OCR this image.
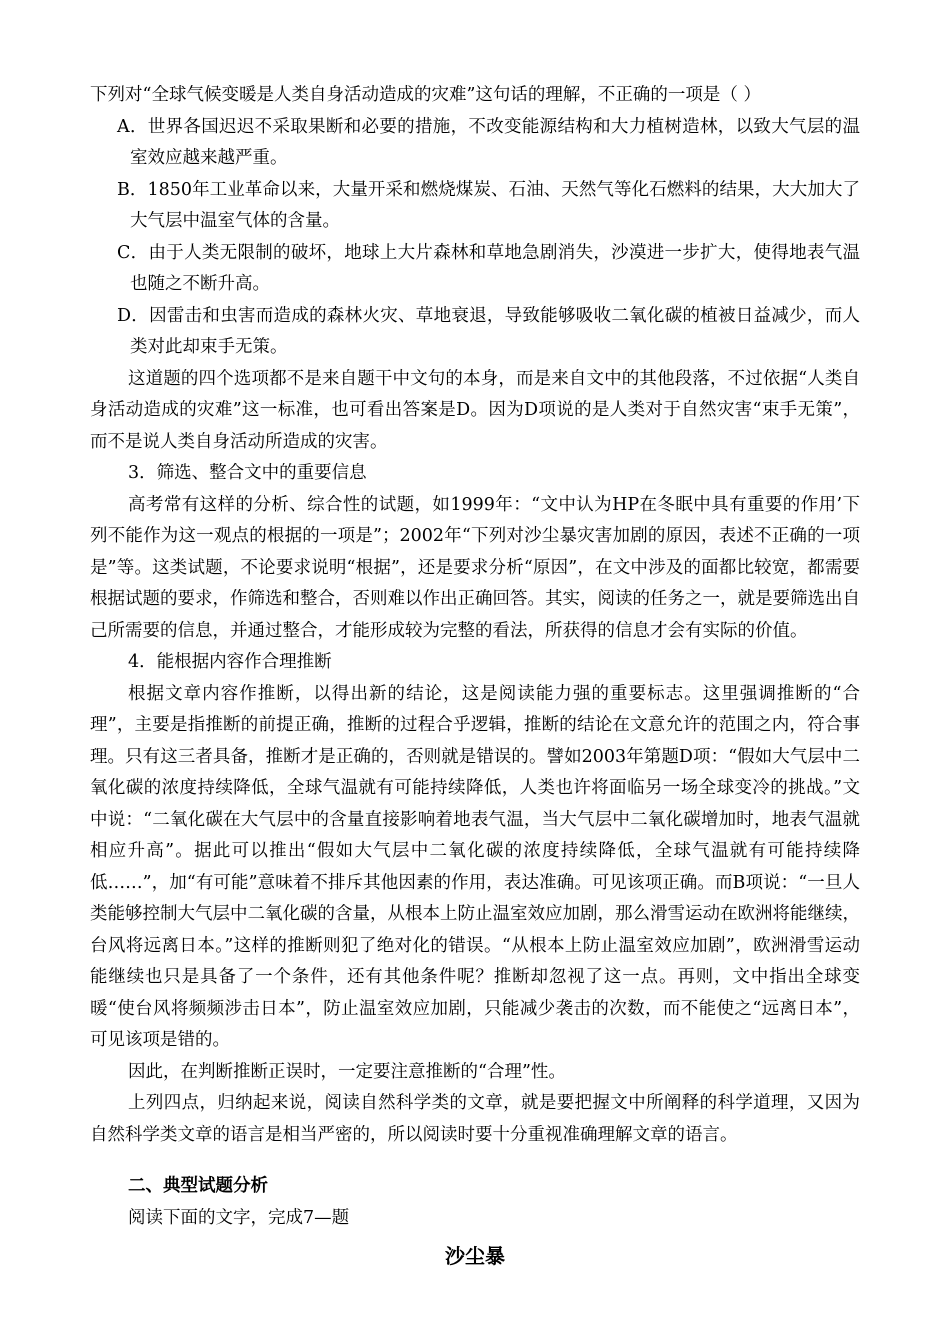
下列对“全球气候变暖是人类自身活动造成的灾难”这句话的理解，不正确的一项是（ ）

A．世界各国迟迟不采取果断和必要的措施，不改变能源结构和大力植树造林，以致大气层的温室效应越来越严重。

B．1850年工业革命以来，大量开采和燃烧煤炭、石油、天然气等化石燃料的结果，大大加大了大气层中温室气体的含量。

C．由于人类无限制的破坏，地球上大片森林和草地急剧消失，沙漠进一步扩大，使得地表气温也随之不断升高。

D．因雷击和虫害而造成的森林火灾、草地衰退，导致能够吸收二氧化碳的植被日益减少，而人类对此却束手无策。

这道题的四个选项都不是来自题干中文句的本身，而是来自文中的其他段落，不过依据“人类自身活动造成的灾难”这一标准，也可看出答案是D。因为D项说的是人类对于自然灾害“束手无策”，而不是说人类自身活动所造成的灾害。

3．筛选、整合文中的重要信息

高考常有这样的分析、综合性的试题，如1999年：“文中认为HP在冬眠中具有重要的作用’下列不能作为这一观点的根据的一项是”；2002年“下列对沙尘暴灾害加剧的原因，表述不正确的一项是”等。这类试题，不论要求说明“根据”，还是要求分析“原因”，在文中涉及的面都比较宽，都需要根据试题的要求，作筛选和整合，否则难以作出正确回答。其实，阅读的任务之一，就是要筛选出自己所需要的信息，并通过整合，才能形成较为完整的看法，所获得的信息才会有实际的价值。

4．能根据内容作合理推断

根据文章内容作推断，以得出新的结论，这是阅读能力强的重要标志。这里强调推断的“合理”，主要是指推断的前提正确，推断的过程合乎逻辑，推断的结论在文意允许的范围之内，符合事理。只有这三者具备，推断才是正确的，否则就是错误的。譬如2003年第题D项：“假如大气层中二氧化碳的浓度持续降低，全球气温就有可能持续降低，人类也许将面临另一场全球变冷的挑战。”文中说：“二氧化碳在大气层中的含量直接影响着地表气温，当大气层中二氧化碳增加时，地表气温就相应升高”。据此可以推出“假如大气层中二氧化碳的浓度持续降低，全球气温就有可能持续降低……”，加“有可能”意味着不排斥其他因素的作用，表达准确。可见该项正确。而B项说：“一旦人类能够控制大气层中二氧化碳的含量，从根本上防止温室效应加剧，那么滑雪运动在欧洲将能继续，台风将远离日本。”这样的推断则犯了绝对化的错误。“从根本上防止温室效应加剧”，欧洲滑雪运动能继续也只是具备了一个条件，还有其他条件呢？推断却忽视了这一点。再则，文中指出全球变暖“使台风将频频涉击日本”，防止温室效应加剧，只能减少袭击的次数，而不能使之“远离日本”，可见该项是错的。

因此，在判断推断正误时，一定要注意推断的“合理”性。

上列四点，归纳起来说，阅读自然科学类的文章，就是要把握文中所阐释的科学道理，又因为自然科学类文章的语言是相当严密的，所以阅读时要十分重视准确理解文章的语言。

二、典型试题分析

阅读下面的文字，完成7—题

沙尘暴
